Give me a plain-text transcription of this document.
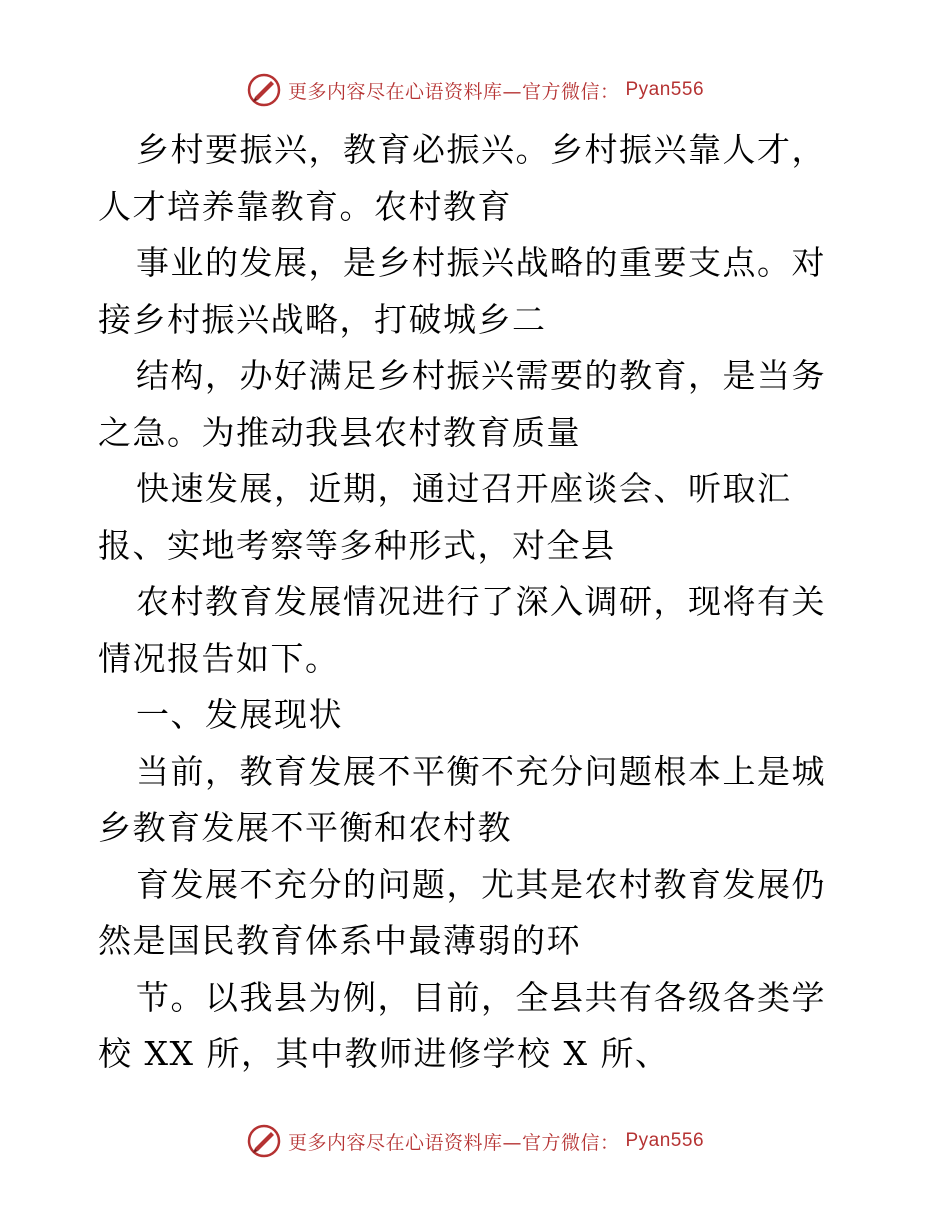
更多内容尽在心语资料库—官方微信： Pyan556

乡村要振兴，教育必振兴。乡村振兴靠人才，人才培养靠教育。农村教育

事业的发展，是乡村振兴战略的重要支点。对接乡村振兴战略，打破城乡二

结构，办好满足乡村振兴需要的教育，是当务之急。为推动我县农村教育质量

快速发展，近期，通过召开座谈会、听取汇报、实地考察等多种形式，对全县

农村教育发展情况进行了深入调研，现将有关情况报告如下。

一、发展现状

当前，教育发展不平衡不充分问题根本上是城乡教育发展不平衡和农村教

育发展不充分的问题，尤其是农村教育发展仍然是国民教育体系中最薄弱的环

节。以我县为例，目前，全县共有各级各类学校 XX 所，其中教师进修学校 X 所、

更多内容尽在心语资料库—官方微信： Pyan556
